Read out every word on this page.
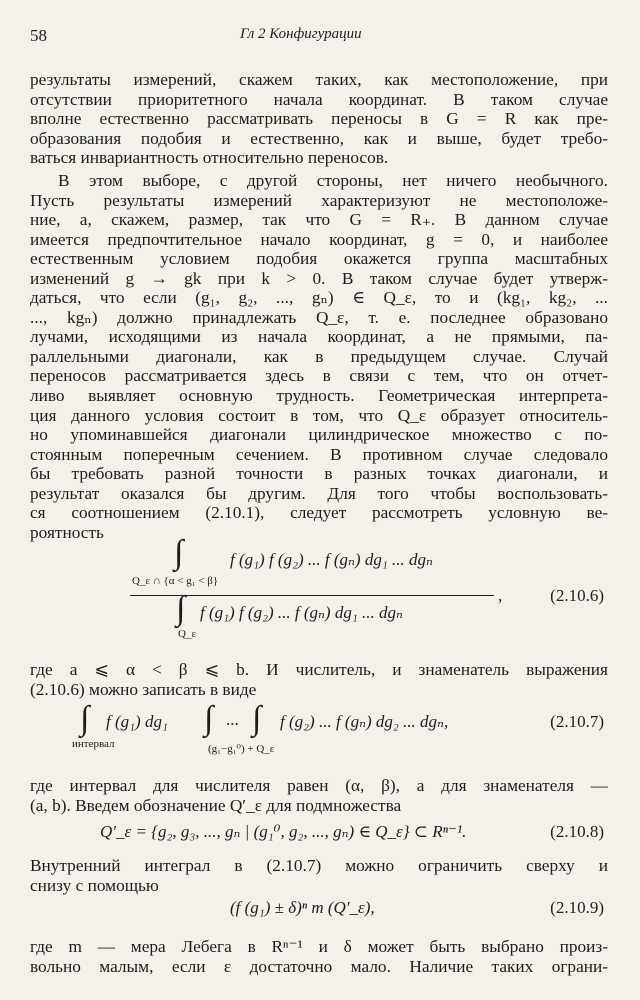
58	Гл 2 Конфигурации
результаты измерений, скажем таких, как местоположение, при
отсутствии приоритетного начала координат. В таком случае
вполне естественно рассматривать переносы в G = R как пре-
образования подобия и естественно, как и выше, будет требо-
ваться инвариантность относительно переносов.
В этом выборе, с другой стороны, нет ничего необычного.
Пусть результаты измерений характеризуют не местоположе-
ние, а, скажем, размер, так что G = R₊. В данном случае
имеется предпочтительное начало координат, g = 0, и наиболее
естественным условием подобия окажется группа масштабных
изменений g → gk при k > 0. В таком случае будет утверж-
даться, что если (g₁, g₂, ..., gₙ) ∈ Q_ε, то и (kg₁, kg₂, ...
..., kgₙ) должно принадлежать Q_ε, т. е. последнее образовано
лучами, исходящими из начала координат, а не прямыми, па-
раллельными диагонали, как в предыдущем случае. Случай
переносов рассматривается здесь в связи с тем, что он отчет-
ливо выявляет основную трудность. Геометрическая интерпрета-
ция данного условия состоит в том, что Q_ε образует относитель-
но упоминавшейся диагонали цилиндрическое множество с по-
стоянным поперечным сечением. В противном случае следовало
бы требовать разной точности в разных точках диагонали, и
результат оказался бы другим. Для того чтобы воспользовать-
ся соотношением (2.10.1), следует рассмотреть условную ве-
роятность
∫
Q_ε ∩ {α < g₁ < β}
f (g₁) f (g₂) ... f (gₙ) dg₁ ... dgₙ
∫
Q_ε
f (g₁) f (g₂) ... f (gₙ) dg₁ ... dgₙ
,	(2.10.6)
где a ⩽ α < β ⩽ b. И числитель, и знаменатель выражения
(2.10.6) можно записать в виде
∫
интервал
f (g₁) dg₁ ∫ ... ∫
(g₁−g₁⁰) + Q_ε
f (g₂) ... f (gₙ) dg₂ ... dgₙ,	(2.10.7)
где интервал для числителя равен (α, β), а для знаменателя —
(a, b). Введем обозначение Q′_ε для подмножества
Q′_ε = {g₂, g₃, ..., gₙ | (g₁⁰, g₂, ..., gₙ) ∈ Q_ε} ⊂ Rⁿ⁻¹.	(2.10.8)
Внутренний интеграл в (2.10.7) можно ограничить сверху и
снизу с помощью
(f (g₁) ± δ)ⁿ m (Q′_ε),	(2.10.9)
где m — мера Лебега в Rⁿ⁻¹ и δ может быть выбрано произ-
вольно малым, если ε достаточно мало. Наличие таких ограни-
